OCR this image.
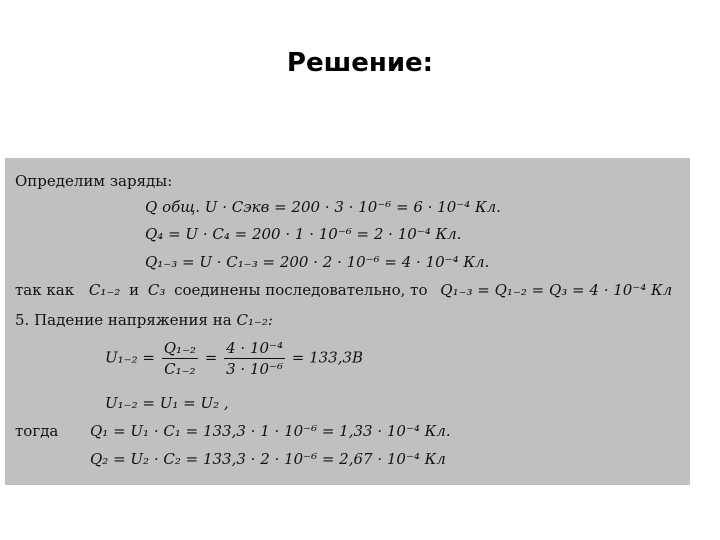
Решение:
Определим заряды:
Q общ. U · Cэкв = 200 · 3 · 10⁻⁶ = 6 · 10⁻⁴ Кл.
Q₄ = U · C₄ = 200 · 1 · 10⁻⁶ = 2 · 10⁻⁴ Кл.
Q₁₋₃ = U · C₁₋₃ = 200 · 2 · 10⁻⁶ = 4 · 10⁻⁴ Кл.
так как C₁₋₂ и C₃ соединены последовательно, то Q₁₋₃ = Q₁₋₂ = Q₃ = 4 · 10⁻⁴ Кл
5. Падение напряжения на C₁₋₂:
$U_{1-2} = \frac{\text{Q₁₋₂}}{\text{C₁₋₂}} = \frac{\text{4 · 10⁻⁴}}{\text{3 · 10⁻⁶}} = 133,3B$
U₁₋₂ = U₁ = U₂ ,
тогда Q₁ = U₁ · C₁ = 133,3 · 1 · 10⁻⁶ = 1,33 · 10⁻⁴ Кл.
Q₂ = U₂ · C₂ = 133,3 · 2 · 10⁻⁶ = 2,67 · 10⁻⁴ Кл
